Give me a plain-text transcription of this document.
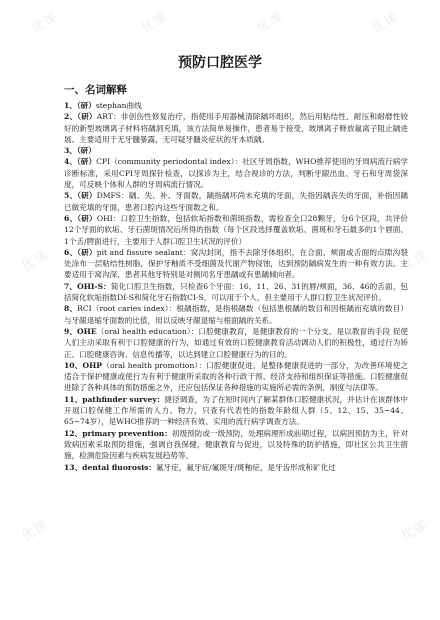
优课	优课	优课	优课
优课	优课
优课	优课
预防口腔医学
一、名词解释

1、（研）stephan曲线

2、（研）ART：非创伤性修复治疗，指使用手用器械清除龋坏组织，然后用粘结性、耐压和耐磨性较好的新型玻璃离子材料将龋洞充填，该方法简单易操作，患者易于接受，玻璃离子释放氟离子阻止龋进展。主要适用于无牙髓暴露，无可疑牙髓炎症状的牙本质龋。

3、（研）

4、（研）CPI（community periodontal index）：社区牙周指数，WHO推荐使用的牙周病流行病学诊断标准，采用CPI牙周探针检查，以探诊为主，结合视诊的方法，判断牙龈出血、牙石和牙周袋深度，可反映个体和人群的牙周病流行情况。

5、（研）DMFS：龋、失、补、牙面数，龋指龋坏尚未充填的牙面，失指因龋丧失的牙面，补指因龋已做充填的牙面，患者口腔内这些牙面数之和。

6、（研）OHI：口腔卫生指数，包括软垢指数和菌斑指数，需检查全口28颗牙，分6个区段，共评价12个牙面的软垢、牙石菌斑情况后所得的指数（每个区段选择覆盖软垢、菌斑和牙石最多的1个唇面、1个舌/腭面进行，主要用于人群口腔卫生状况的评价）

6、（研）pit and fissure sealant：窝沟封闭，指不去除牙体组织，在合面、颊面或舌面的点隙沟裂处涂布一层粘结性树脂，保护牙釉质不受细菌及代谢产物侵蚀，达到预防龋病发生的一种有效方法。主要适用于窝沟深，患者其他牙特别是对侧同名牙患龋或有患龋倾向者。

7、OHI-S：简化口腔卫生指数，只检查6个牙面：16、11、26、31的唇/颊面，36、46的舌面，包括简化软垢指数DI-S和简化牙石指数CI-S，可以用于个人，但主要用于人群口腔卫生状况评价。

8、RCI（root caries index）：根龋指数，是指根龋数（包括患根龋的数目和因根龋而充填的数目）与牙龈退缩牙面数的比值，用以反映牙龈退缩与根面龋的关系。

9、OHE（oral health education）：口腔健康教育，是健康教育的一个分支。是以教育的手段 促使人们主动采取有利于口腔健康的行为，如通过有效的口腔健康教育活动调动人们的积极性，通过行为矫正、口腔健康咨询、信息传播等，以达到建立口腔健康行为的目的。

10、OHP（oral health promotion）：口腔健康促进，是整体健康促进的一部分，为改善环境使之适合于保护健康或使行为有利于健康所采取的各种行政干预、经济支持和组织保证等措施。口腔健康促进除了各种具体的预防措施之外，还应包括保证各种措施的实施所必需的条例、制度与法律等。

11、pathfinder survey：捷径调查，为了在短时间内了解某群体口腔健康状况，并估计在该群体中开展口腔保健工作所需的人力、物力，只查有代表性的指数年龄组人群（5、12、15、35~44、65~74岁），是WHO推荐的一种经济有效、实用的流行病学调查方法。

12、primary prevention：初级预防或一级预防，处理病理形成前期过程，以病因预防为主，针对致病因素采取预防措施，强调自我保健，健康教育与促进，以及特殊的防护措施，即社区公共卫生措施，检测危险因素与疾病发展趋势等。

13、dental fluorosis：氟牙症，氟牙症/氟斑牙/斑釉症，是牙齿形成和矿化过
